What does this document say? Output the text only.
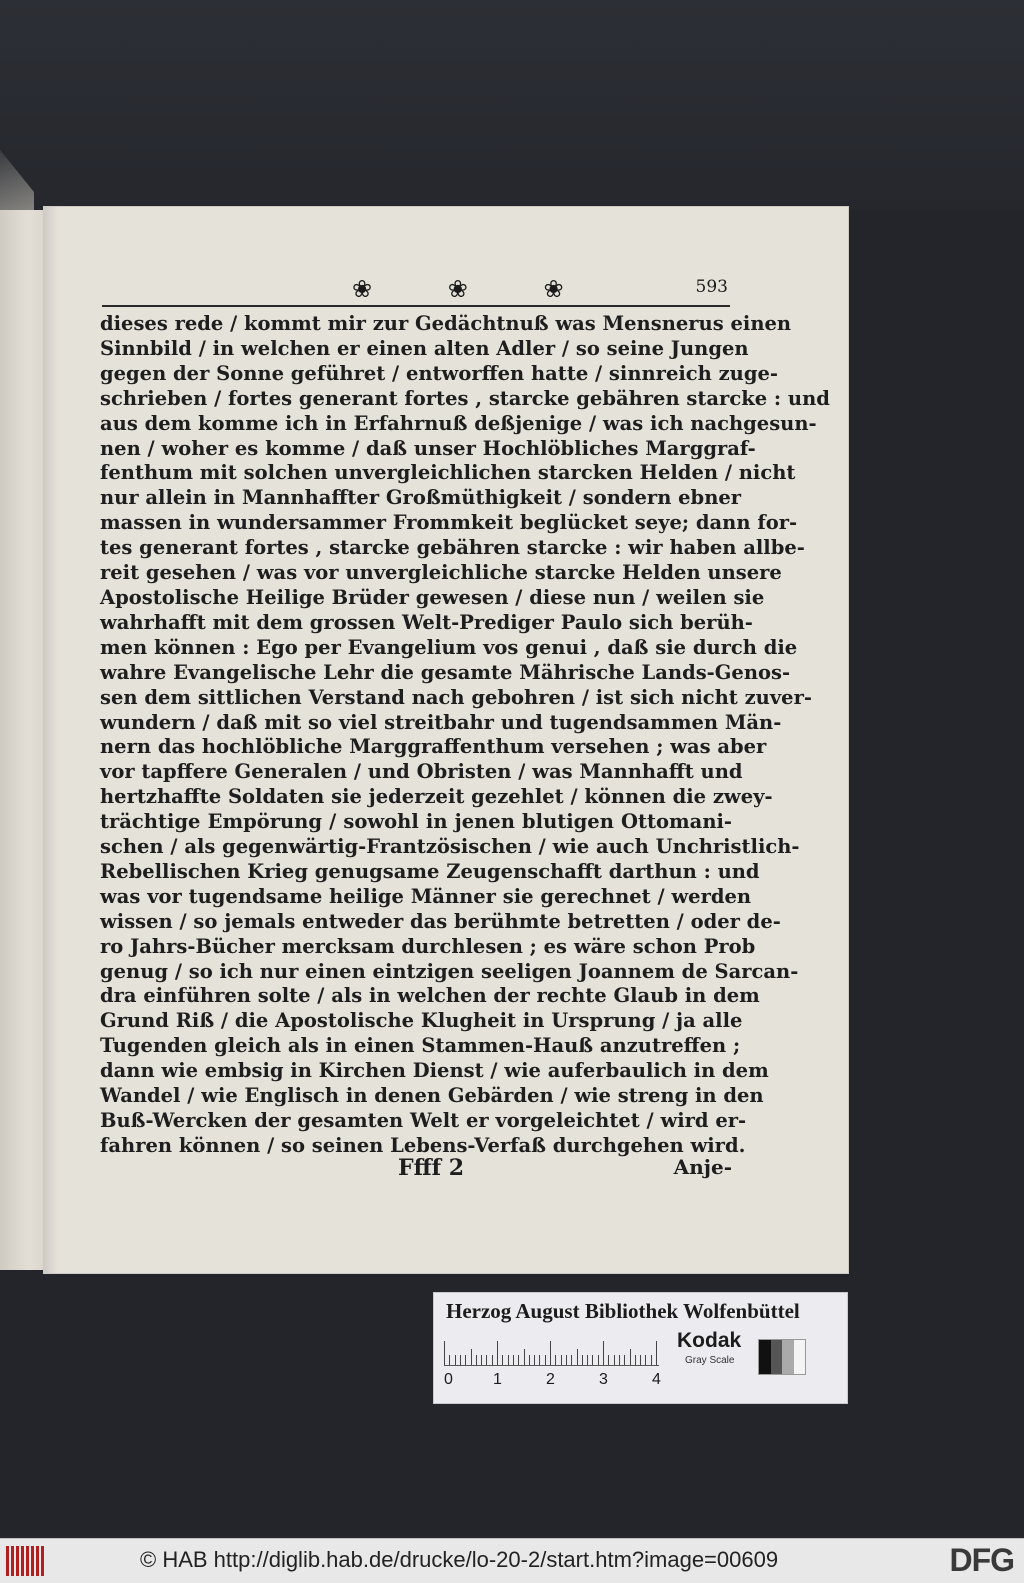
❀ ❀ ❀	593
dieses rede / kommt mir zur Gedächtnuß was Mensnerus einen
Sinnbild / in welchen er einen alten Adler / so seine Jungen
gegen der Sonne geführet / entworffen hatte / sinnreich zuge-
schrieben / fortes generant fortes , starcke gebähren starcke : und
aus dem komme ich in Erfahrnuß deßjenige / was ich nachgesun-
nen / woher es komme / daß unser Hochlöbliches Marggraf-
fenthum mit solchen unvergleichlichen starcken Helden / nicht
nur allein in Mannhaffter Großmüthigkeit / sondern ebner
massen in wundersammer Frommkeit beglücket seye; dann for-
tes generant fortes , starcke gebähren starcke : wir haben allbe-
reit gesehen / was vor unvergleichliche starcke Helden unsere
Apostolische Heilige Brüder gewesen / diese nun / weilen sie
wahrhafft mit dem grossen Welt-Prediger Paulo sich berüh-
men können : Ego per Evangelium vos genui , daß sie durch die
wahre Evangelische Lehr die gesamte Mährische Lands-Genos-
sen dem sittlichen Verstand nach gebohren / ist sich nicht zuver-
wundern / daß mit so viel streitbahr und tugendsammen Män-
nern das hochlöbliche Marggraffenthum versehen ; was aber
vor tapffere Generalen / und Obristen / was Mannhafft und
hertzhaffte Soldaten sie jederzeit gezehlet / können die zwey-
trächtige Empörung / sowohl in jenen blutigen Ottomani-
schen / als gegenwärtig-Frantzösischen / wie auch Unchristlich-
Rebellischen Krieg genugsame Zeugenschafft darthun : und
was vor tugendsame heilige Männer sie gerechnet / werden
wissen / so jemals entweder das berühmte betretten / oder de-
ro Jahrs-Bücher mercksam durchlesen ; es wäre schon Prob
genug / so ich nur einen eintzigen seeligen Joannem de Sarcan-
dra einführen solte / als in welchen der rechte Glaub in dem
Grund Riß / die Apostolische Klugheit in Ursprung / ja alle
Tugenden gleich als in einen Stammen-Hauß anzutreffen ;
dann wie embsig in Kirchen Dienst / wie auferbaulich in dem
Wandel / wie Englisch in denen Gebärden / wie streng in den
Buß-Wercken der gesamten Welt er vorgeleichtet / wird er-
fahren können / so seinen Lebens-Verfaß durchgehen wird.
Ffff 2	Anje-
Herzog August Bibliothek Wolfenbüttel
0	1	2	3	4
Kodak
Gray Scale
© HAB http://diglib.hab.de/drucke/lo-20-2/start.htm?image=00609	DFG
